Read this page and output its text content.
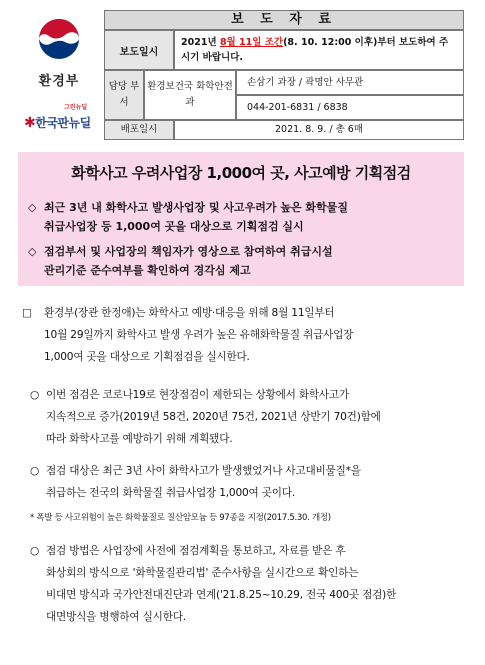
환경부
그린뉴딜
✱한국판뉴딜
보 도 자 료
보도일시
2021년 8월 11일 조간(8. 10. 12:00 이후)부터 보도하여 주시기 바랍니다.
담당 부서
환경보건국 화학안전과
손삼기 과장 / 곽명안 사무관
044-201-6831 / 6838
배포일시	2021. 8. 9. / 총 6매
화학사고 우려사업장 1,000여 곳, 사고예방 기획점검
◇ 최근 3년 내 화학사고 발생사업장 및 사고우려가 높은 화학물질
취급사업장 등 1,000여 곳을 대상으로 기획점검 실시
◇ 점검부서 및 사업장의 책임자가 영상으로 참여하여 취급시설
관리기준 준수여부를 확인하여 경각심 제고
□ 환경부(장관 한정애)는 화학사고 예방·대응을 위해 8월 11일부터
10월 29일까지 화학사고 발생 우려가 높은 유해화학물질 취급사업장
1,000여 곳을 대상으로 기획점검을 실시한다.
○ 이번 점검은 코로나19로 현장점검이 제한되는 상황에서 화학사고가
지속적으로 증가(2019년 58건, 2020년 75건, 2021년 상반기 70건)함에
따라 화학사고를 예방하기 위해 계획됐다.
○ 점검 대상은 최근 3년 사이 화학사고가 발생했었거나 사고대비물질*을
취급하는 전국의 화학물질 취급사업장 1,000여 곳이다.
* 폭발 등 사고위험이 높은 화학물질로 질산암모늄 등 97종을 지정(2017.5.30. 개정)
○ 점검 방법은 사업장에 사전에 점검계획을 통보하고, 자료를 받은 후
화상회의 방식으로 '화학물질관리법' 준수사항을 실시간으로 확인하는
비대면 방식과 국가안전대진단과 연계('21.8.25~10.29, 전국 400곳 점검)한
대면방식을 병행하여 실시한다.
